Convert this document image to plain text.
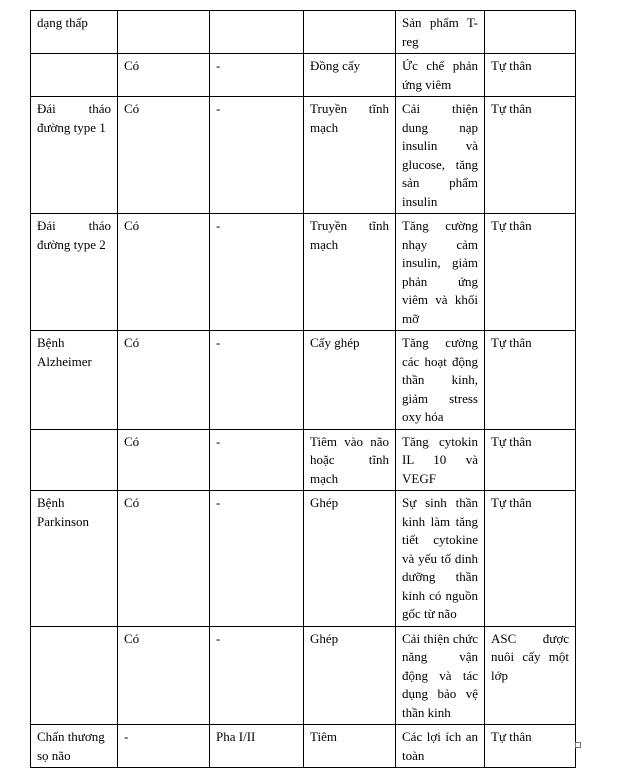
dạng thấp				Sản phẩm T-reg	
	Có	-	Đồng cấy	Ức chế phản ứng viêm	Tự thân
Đái tháo đường type 1	Có	-	Truyền tĩnh mạch	Cải thiện dung nạp insulin và glucose, tăng sản phẩm insulin	Tự thân
Đái tháo đường type 2	Có	-	Truyền tĩnh mạch	Tăng cường nhạy cảm insulin, giảm phản ứng viêm và khối mỡ	Tự thân
Bệnh Alzheimer	Có	-	Cấy ghép	Tăng cường các hoạt động thần kinh, giảm stress oxy hóa	Tự thân
	Có	-	Tiêm vào não hoặc tĩnh mạch	Tăng cytokin IL 10 và VEGF	Tự thân
Bệnh Parkinson	Có	-	Ghép	Sự sinh thần kinh làm tăng tiết cytokine và yếu tố dinh dưỡng thần kinh có nguồn gốc từ não	Tự thân
	Có	-	Ghép	Cải thiện chức năng vận động và tác dụng bảo vệ thần kinh	ASC được nuôi cấy một lớp
Chấn thương sọ não	-	Pha I/II	Tiêm	Các lợi ích an toàn	Tự thân
